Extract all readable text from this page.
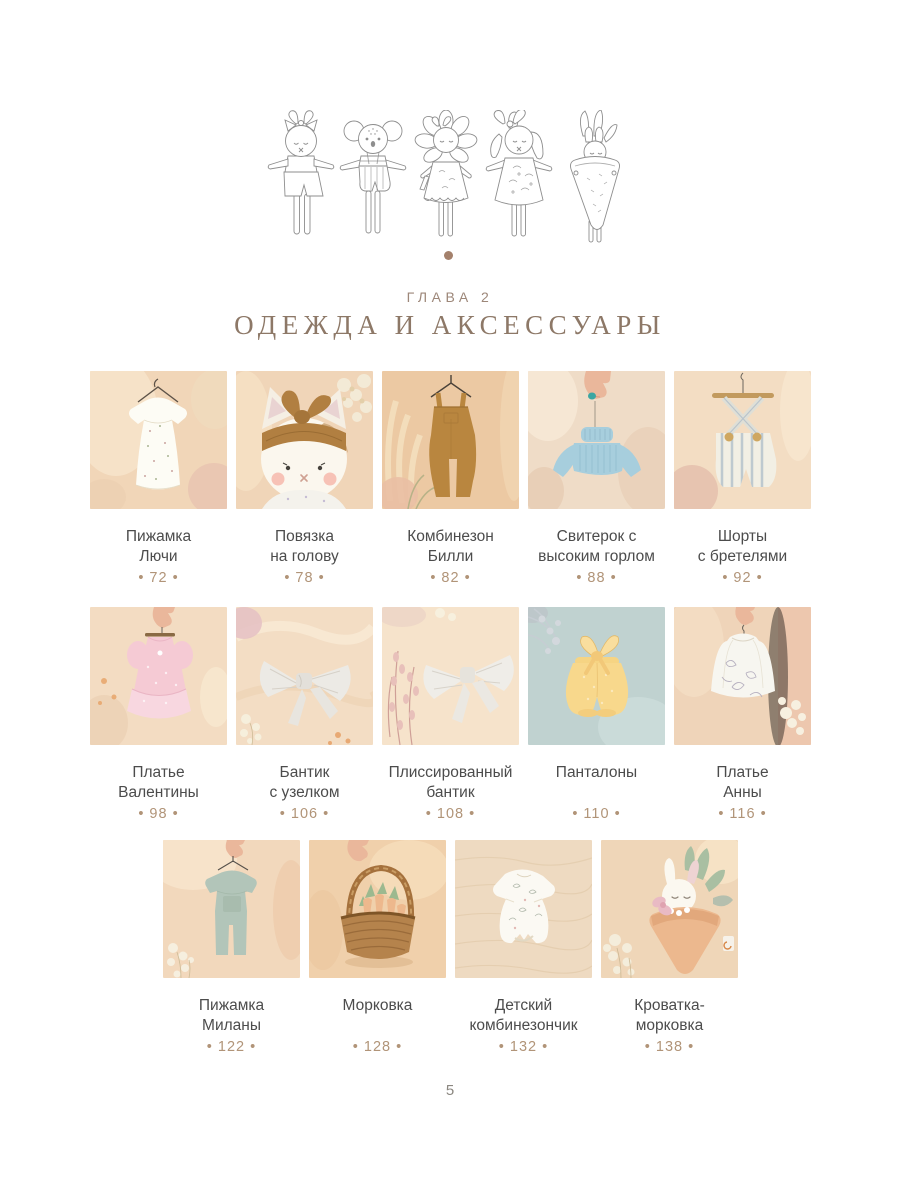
ГЛАВА 2
ОДЕЖДА И АКСЕССУАРЫ
Пижамка
Лючи
• 72 •
Повязка
на голову
• 78 •
Комбинезон
Билли
• 82 •
Свитерок с
высоким горлом
• 88 •
Шорты
с бретелями
• 92 •
Платье
Валентины
• 98 •
Бантик
с узелком
• 106 •
Плиссированный
бантик
• 108 •
Панталоны
• 110 •
Платье
Анны
• 116 •
Пижамка
Миланы
• 122 •
Морковка
• 128 •
Детский
комбинезончик
• 132 •
Кроватка-
морковка
• 138 •
5
